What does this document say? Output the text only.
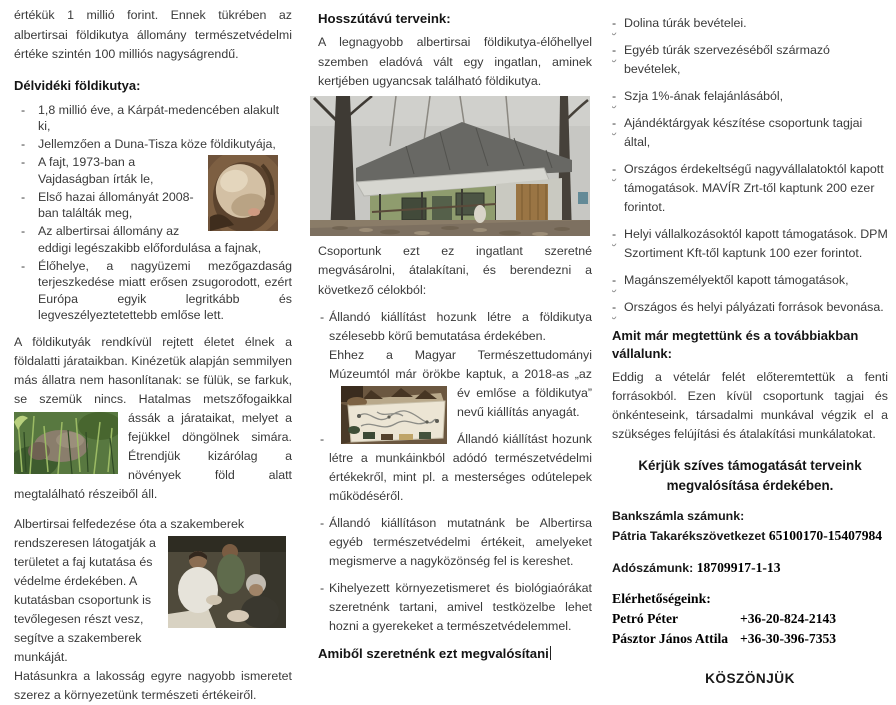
értékük 1 millió forint. Ennek tükrében az albertirsai földikutya állomány természetvédelmi értéke szintén 100 milliós nagyságrendű.
Délvidéki földikutya:
- 1,8 millió éve, a Kárpát-medencében alakult ki,
- Jellemzően a Duna-Tisza köze földikutyája,
- A fajt, 1973-ban a Vajdaságban írták le,
- Első hazai állományát 2008-ban találták meg,
- Az albertirsai állomány az eddigi legészakibb előfordulása a fajnak,
- Élőhelye, a nagyüzemi mezőgazdaság terjeszkedése miatt erősen zsugorodott, ezért Európa egyik legritkább és legveszélyeztetettebb emlőse lett.
A földikutyák rendkívül rejtett életet élnek a földalatti járataikban. Kinézetük alapján semmilyen más állatra nem hasonlítanak: se fülük, se farkuk, se szemük nincs. Hatalmas metszőfogaikkal ássák a járataikat, melyet a
fejükkel döngölnek simára. Étrendjük kizárólag a növények föld alatt megtalálható részeiből áll.
Albertirsai felfedezése óta a szakemberek rendszeresen látogatják a területet a faj kutatása és védelme érdekében. A kutatásban csoportunk is tevőlegesen részt vesz, segítve a szakemberek munkáját.
Hatásunkra a lakosság egyre nagyobb ismeretet szerez a környezetünk természeti értékeiről.
Hosszútávú terveink:
A legnagyobb albertirsai földikutya-élőhellyel szemben eladóvá vált egy ingatlan, aminek kertjében ugyancsak található földikutya.
Csoportunk ezt ez ingatlant szeretné megvásárolni, átalakítani, és berendezni a következő célokból:
- Állandó kiállítást hozunk létre a földikutya szélesebb körű bemutatása érdekében.
Ehhez a Magyar Természettudományi Múzeumtól már örökbe kaptuk, a 2018-as „az év emlőse a földikutya” nevű kiállítás anyagát.
- Állandó kiállítást hozunk létre a munkáinkból adódó természetvédelmi értékekről, mint pl. a mesterséges odútelepek működéséről.
- Állandó kiállításon mutatnánk be Albertirsa egyéb természetvédelmi értékeit, amelyeket megismerve a nagyközönség fel is kereshet.
- Kihelyezett környezetismeret és biológiaórákat szeretnénk tartani, amivel testközelbe lehet hozni a gyerekeket a természetvédelemmel.
Amiből szeretnénk ezt megvalósítani
- Dolina túrák bevételei.
- Egyéb túrák szervezéséből származó bevételek,
- Szja 1%-ának felajánlásából,
- Ajándéktárgyak készítése csoportunk tagjai által,
- Országos érdekeltségű nagyvállalatoktól kapott támogatások. MAVÍR Zrt-től kaptunk 200 ezer forintot.
- Helyi vállalkozásoktól kapott támogatások. DPM Szortiment Kft-től kaptunk 100 ezer forintot.
- Magánszemélyektől kapott támogatások,
- Országos és helyi pályázati források bevonása.
Amit már megtettünk és a továbbiakban vállalunk:
Eddig a vételár felét előteremtettük a fenti forrásokból. Ezen kívül csoportunk tagjai és önkénteseink, társadalmi munkával végzik el a szükséges felújítási és átalakítási munkálatokat.
Kérjük szíves támogatását terveink megvalósítása érdekében.
Bankszámla számunk:
Pátria Takarékszövetkezet 65100170-15407984
Adószámunk: 18709917-1-13
Elérhetőségeink:
Petró Péter	+36-20-824-2143
Pásztor János Attila +36-30-396-7353
KÖSZÖNJÜK
